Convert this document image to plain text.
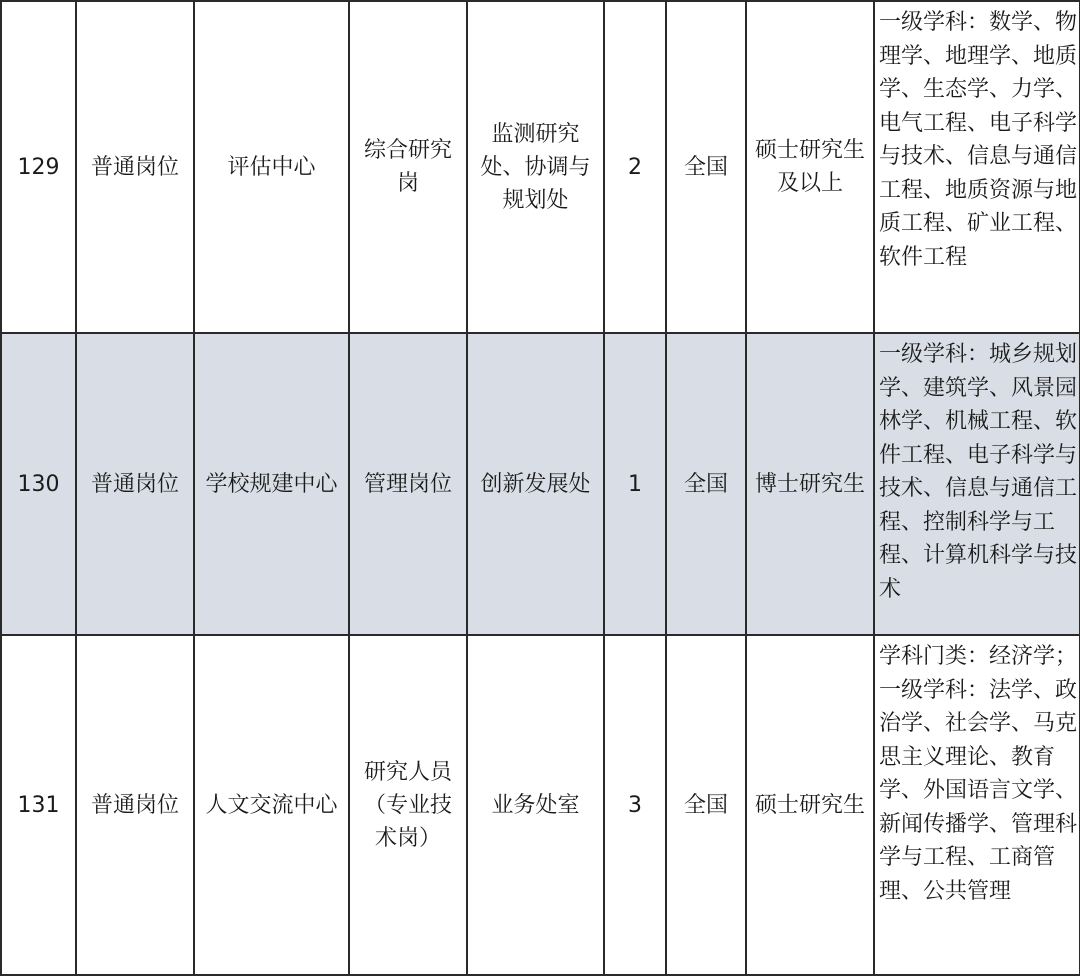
129	普通岗位	评估中心	综合研究岗	监测研究处、协调与规划处	2	全国	硕士研究生及以上	一级学科：数学、物理学、地理学、地质学、生态学、力学、电气工程、电子科学与技术、信息与通信工程、地质资源与地质工程、矿业工程、软件工程
130	普通岗位	学校规建中心	管理岗位	创新发展处	1	全国	博士研究生	一级学科：城乡规划学、建筑学、风景园林学、机械工程、软件工程、电子科学与技术、信息与通信工程、控制科学与工程、计算机科学与技术
131	普通岗位	人文交流中心	研究人员（专业技术岗）	业务处室	3	全国	硕士研究生	学科门类：经济学；一级学科：法学、政治学、社会学、马克思主义理论、教育学、外国语言文学、新闻传播学、管理科学与工程、工商管理、公共管理
